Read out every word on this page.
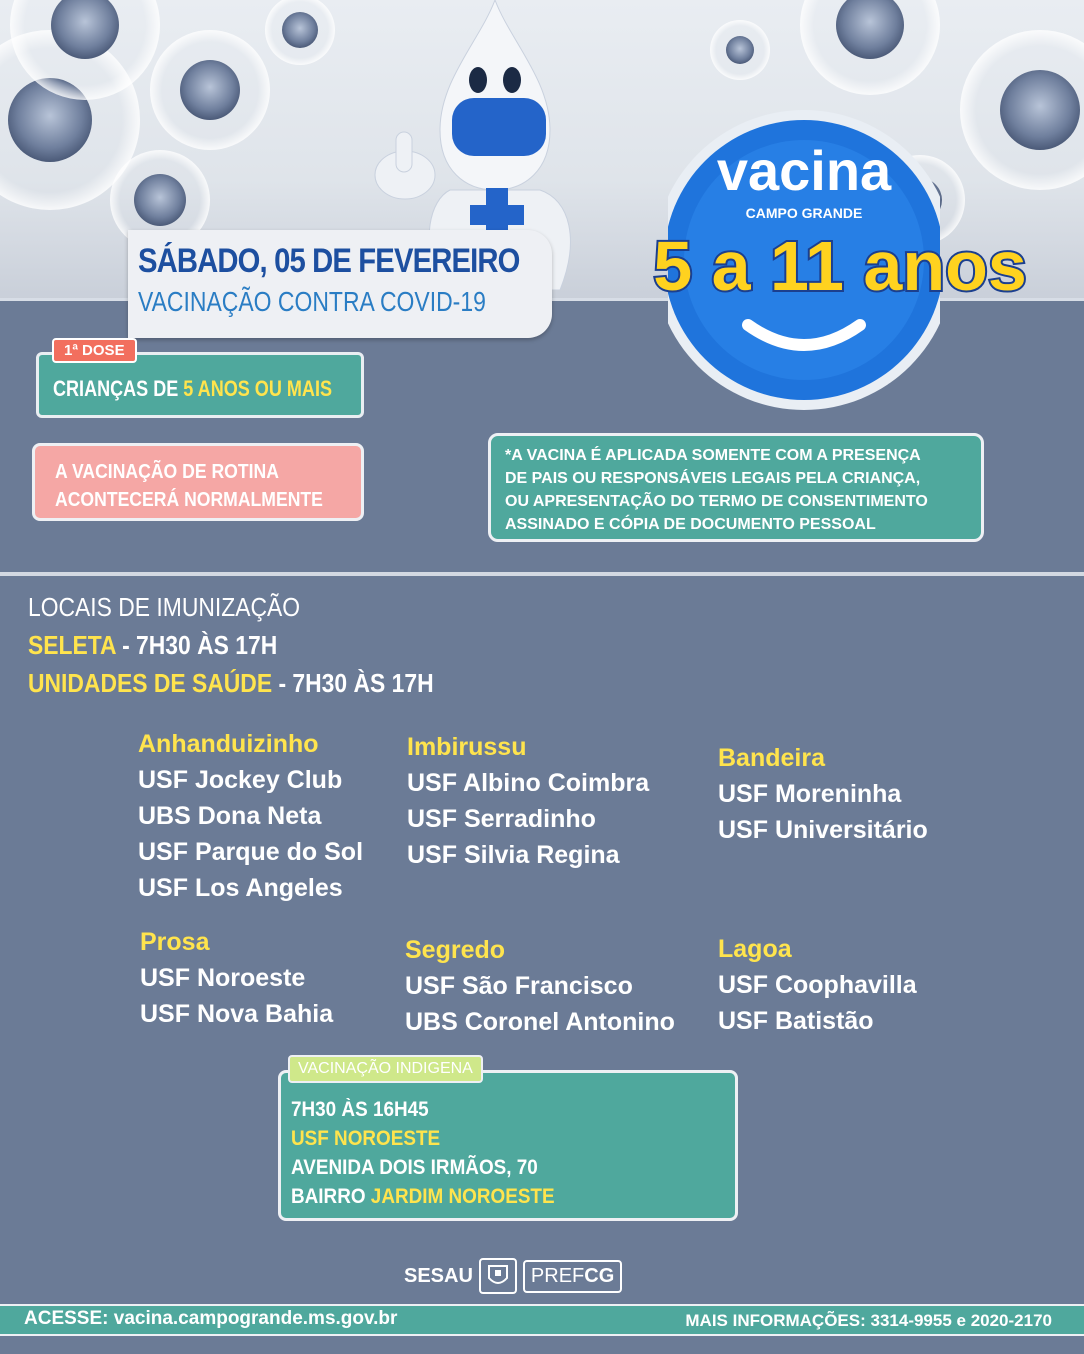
SÁBADO, 05 DE FEVEREIRO
VACINAÇÃO CONTRA COVID-19
vacina
CAMPO GRANDE
5 a 11 anos
CRIANÇAS DE 5 ANOS OU MAIS
1ª DOSE
A VACINAÇÃO DE ROTINA
ACONTECERÁ NORMALMENTE
*A VACINA É APLICADA SOMENTE COM A PRESENÇA
DE PAIS OU RESPONSÁVEIS LEGAIS PELA CRIANÇA,
OU APRESENTAÇÃO DO TERMO DE CONSENTIMENTO
ASSINADO E CÓPIA DE DOCUMENTO PESSOAL
LOCAIS DE IMUNIZAÇÃO
SELETA - 7H30 ÀS 17H
UNIDADES DE SAÚDE - 7H30 ÀS 17H
Anhanduizinho
USF Jockey Club
UBS Dona Neta
USF Parque do Sol
USF Los Angeles
Imbirussu
USF Albino Coimbra
USF Serradinho
USF Silvia Regina
Bandeira
USF Moreninha
USF Universitário
Prosa
USF Noroeste
USF Nova Bahia
Segredo
USF São Francisco
UBS Coronel Antonino
Lagoa
USF Coophavilla
USF Batistão
7H30 ÀS 16H45
USF NOROESTE
AVENIDA DOIS IRMÃOS, 70
BAIRRO JARDIM NOROESTE
VACINAÇÃO INDIGENA
SESAU	PREFCG
ACESSE: vacina.campogrande.ms.gov.br	MAIS INFORMAÇÕES: 3314-9955 e 2020-2170
